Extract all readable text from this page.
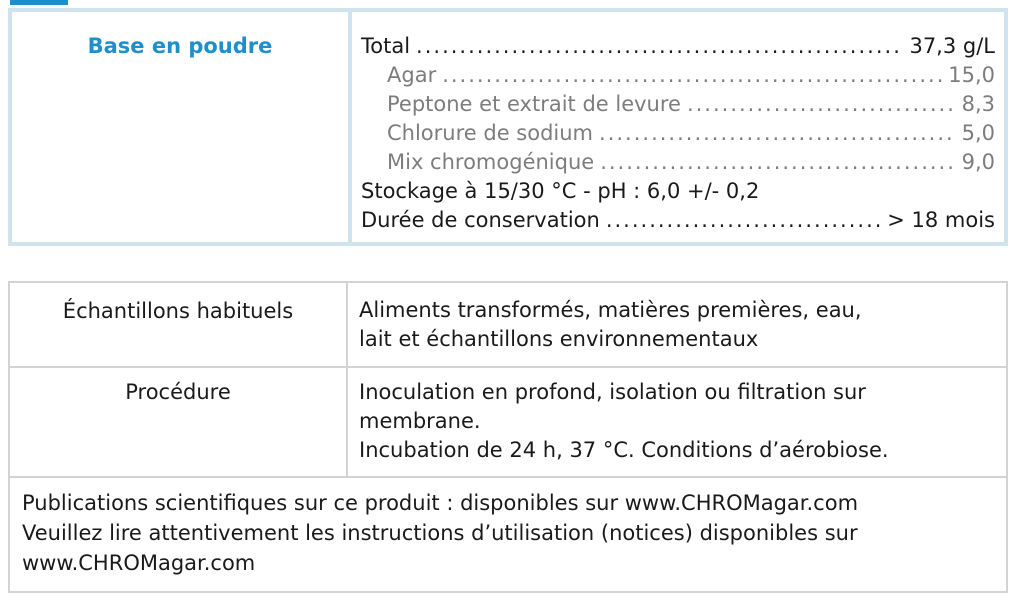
Base en poudre	Total .....	37,3 g/L
Agar .....	15,0
Peptone et extrait de levure .....	8,3
Chlorure de sodium .....	5,0
Mix chromogénique .....	9,0
Stockage à 15/30 °C - pH : 6,0 +/- 0,2
Durée de conservation .....	> 18 mois
Échantillons habituels	Aliments transformés, matières premières, eau,
lait et échantillons environnementaux
Procédure	Inoculation en profond, isolation ou filtration sur
membrane.
Incubation de 24 h, 37 °C. Conditions d’aérobiose.
Publications scientifiques sur ce produit : disponibles sur www.CHROMagar.com
Veuillez lire attentivement les instructions d’utilisation (notices) disponibles sur
www.CHROMagar.com
